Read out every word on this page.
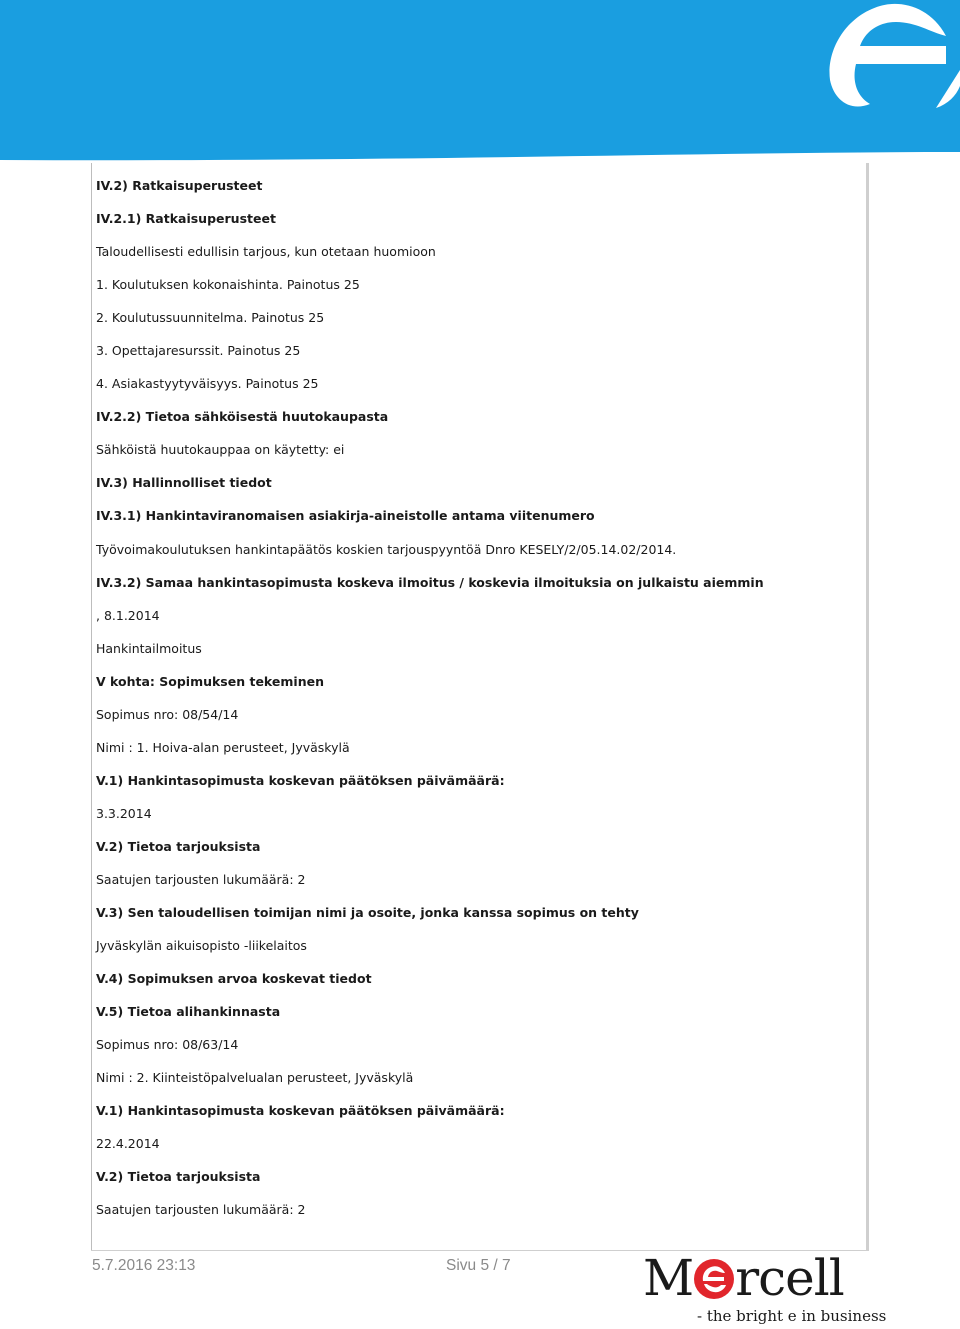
IV.2) Ratkaisuperusteet
IV.2.1) Ratkaisuperusteet
Taloudellisesti edullisin tarjous, kun otetaan huomioon
1. Koulutuksen kokonaishinta. Painotus 25
2. Koulutussuunnitelma. Painotus 25
3. Opettajaresurssit. Painotus 25
4. Asiakastyytyväisyys. Painotus 25
IV.2.2) Tietoa sähköisestä huutokaupasta
Sähköistä huutokauppaa on käytetty: ei
IV.3) Hallinnolliset tiedot
IV.3.1) Hankintaviranomaisen asiakirja-aineistolle antama viitenumero
Työvoimakoulutuksen hankintapäätös koskien tarjouspyyntöä Dnro KESELY/2/05.14.02/2014.
IV.3.2) Samaa hankintasopimusta koskeva ilmoitus / koskevia ilmoituksia on julkaistu aiemmin
, 8.1.2014
Hankintailmoitus
V kohta: Sopimuksen tekeminen
Sopimus nro: 08/54/14
Nimi : 1. Hoiva-alan perusteet, Jyväskylä
V.1) Hankintasopimusta koskevan päätöksen päivämäärä:
3.3.2014
V.2) Tietoa tarjouksista
Saatujen tarjousten lukumäärä: 2
V.3) Sen taloudellisen toimijan nimi ja osoite, jonka kanssa sopimus on tehty
Jyväskylän aikuisopisto -liikelaitos
V.4) Sopimuksen arvoa koskevat tiedot
V.5) Tietoa alihankinnasta
Sopimus nro: 08/63/14
Nimi : 2. Kiinteistöpalvelualan perusteet, Jyväskylä
V.1) Hankintasopimusta koskevan päätöksen päivämäärä:
22.4.2014
V.2) Tietoa tarjouksista
Saatujen tarjousten lukumäärä: 2
5.7.2016 23:13	Sivu 5 / 7	M rcell
- the bright e in business
